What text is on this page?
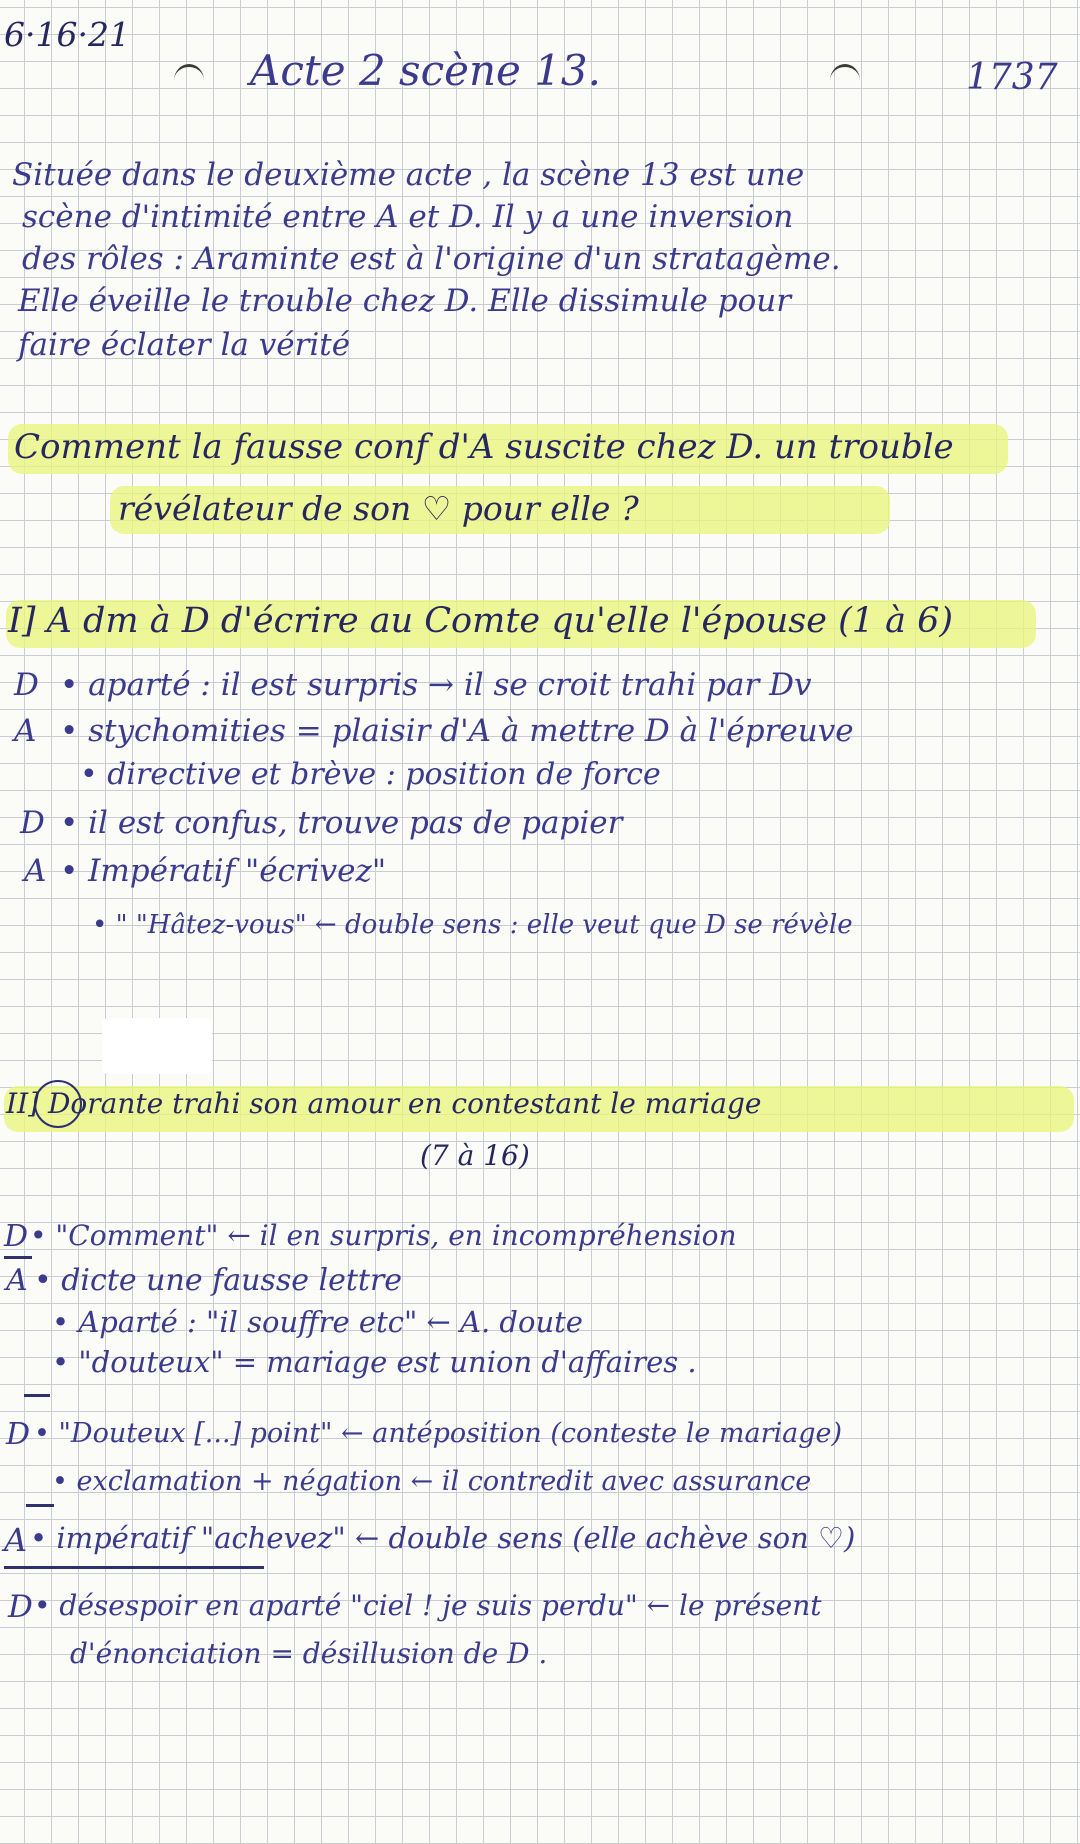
6·16·21
Acte 2 scène 13.	1737
Située dans le deuxième acte , la scène 13 est une
scène d'intimité entre A et D. Il y a une inversion
des rôles : Araminte est à l'origine d'un stratagème.
Elle éveille le trouble chez D. Elle dissimule pour
faire éclater la vérité
Comment la fausse conf d'A suscite chez D. un trouble
révélateur de son ♡ pour elle ?
I] A dm à D d'écrire au Comte qu'elle l'épouse (1 à 6)
D • aparté : il est surpris → il se croit trahi par Dv
A • stychomities = plaisir d'A à mettre D à l'épreuve
• directive et brève : position de force
D • il est confus, trouve pas de papier
A • Impératif "écrivez"
• " "Hâtez-vous" ← double sens : elle veut que D se révèle
II] Dorante trahi son amour en contestant le mariage
(7 à 16)
D • "Comment" ← il en surpris, en incompréhension
A • dicte une fausse lettre
• Aparté : "il souffre etc" ← A. doute
• "douteux" = mariage est union d'affaires .
D • "Douteux [...] point" ← antéposition (conteste le mariage)
• exclamation + négation ← il contredit avec assurance
A • impératif "achevez" ← double sens (elle achève son ♡)
D • désespoir en aparté "ciel ! je suis perdu" ← le présent
d'énonciation = désillusion de D .
